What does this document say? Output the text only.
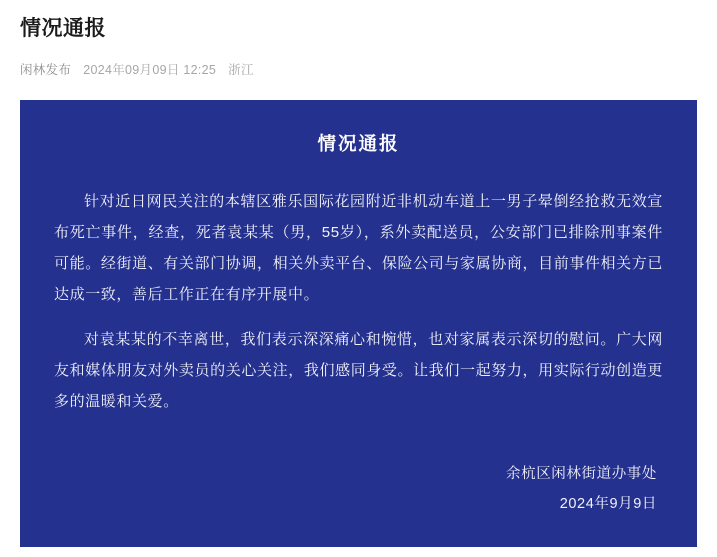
情况通报
闲林发布 2024年09月09日 12:25 浙江
情况通报

针对近日网民关注的本辖区雅乐国际花园附近非机动车道上一男子晕倒经抢救无效宣布死亡事件，经查，死者袁某某（男，55岁），系外卖配送员，公安部门已排除刑事案件可能。经街道、有关部门协调，相关外卖平台、保险公司与家属协商，目前事件相关方已达成一致，善后工作正在有序开展中。

对袁某某的不幸离世，我们表示深深痛心和惋惜，也对家属表示深切的慰问。广大网友和媒体朋友对外卖员的关心关注，我们感同身受。让我们一起努力，用实际行动创造更多的温暖和关爱。

余杭区闲林街道办事处
2024年9月9日
